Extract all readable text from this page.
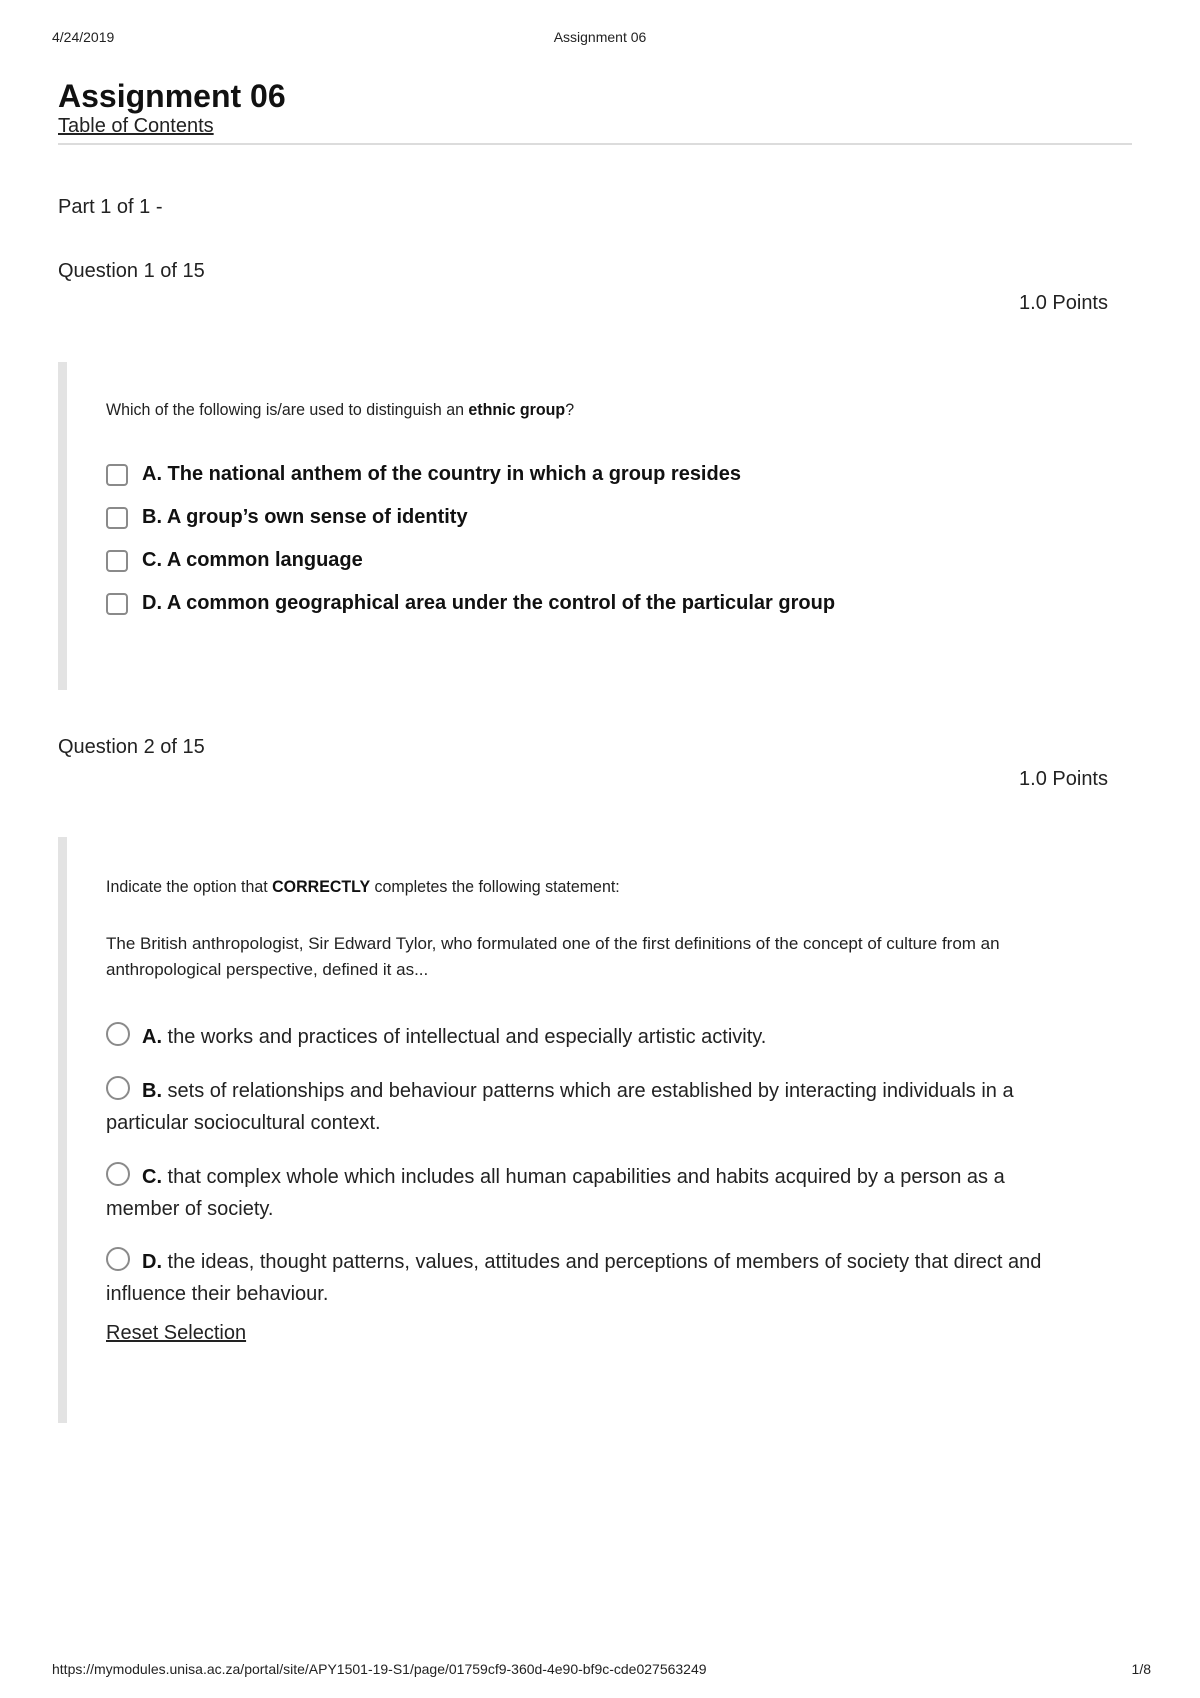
4/24/2019	Assignment 06
Assignment 06
Table of Contents
Part 1 of 1 -
Question 1 of 15
1.0 Points
Which of the following is/are used to distinguish an ethnic group?
A. The national anthem of the country in which a group resides
B. A group’s own sense of identity
C. A common language
D. A common geographical area under the control of the particular group
Question 2 of 15
1.0 Points
Indicate the option that CORRECTLY completes the following statement:
The British anthropologist, Sir Edward Tylor, who formulated one of the first definitions of the concept of culture from an anthropological perspective, defined it as...
A. the works and practices of intellectual and especially artistic activity.
B. sets of relationships and behaviour patterns which are established by interacting individuals in a particular sociocultural context.
C. that complex whole which includes all human capabilities and habits acquired by a person as a member of society.
D. the ideas, thought patterns, values, attitudes and perceptions of members of society that direct and influence their behaviour.
Reset Selection
https://mymodules.unisa.ac.za/portal/site/APY1501-19-S1/page/01759cf9-360d-4e90-bf9c-cde027563249	1/8
